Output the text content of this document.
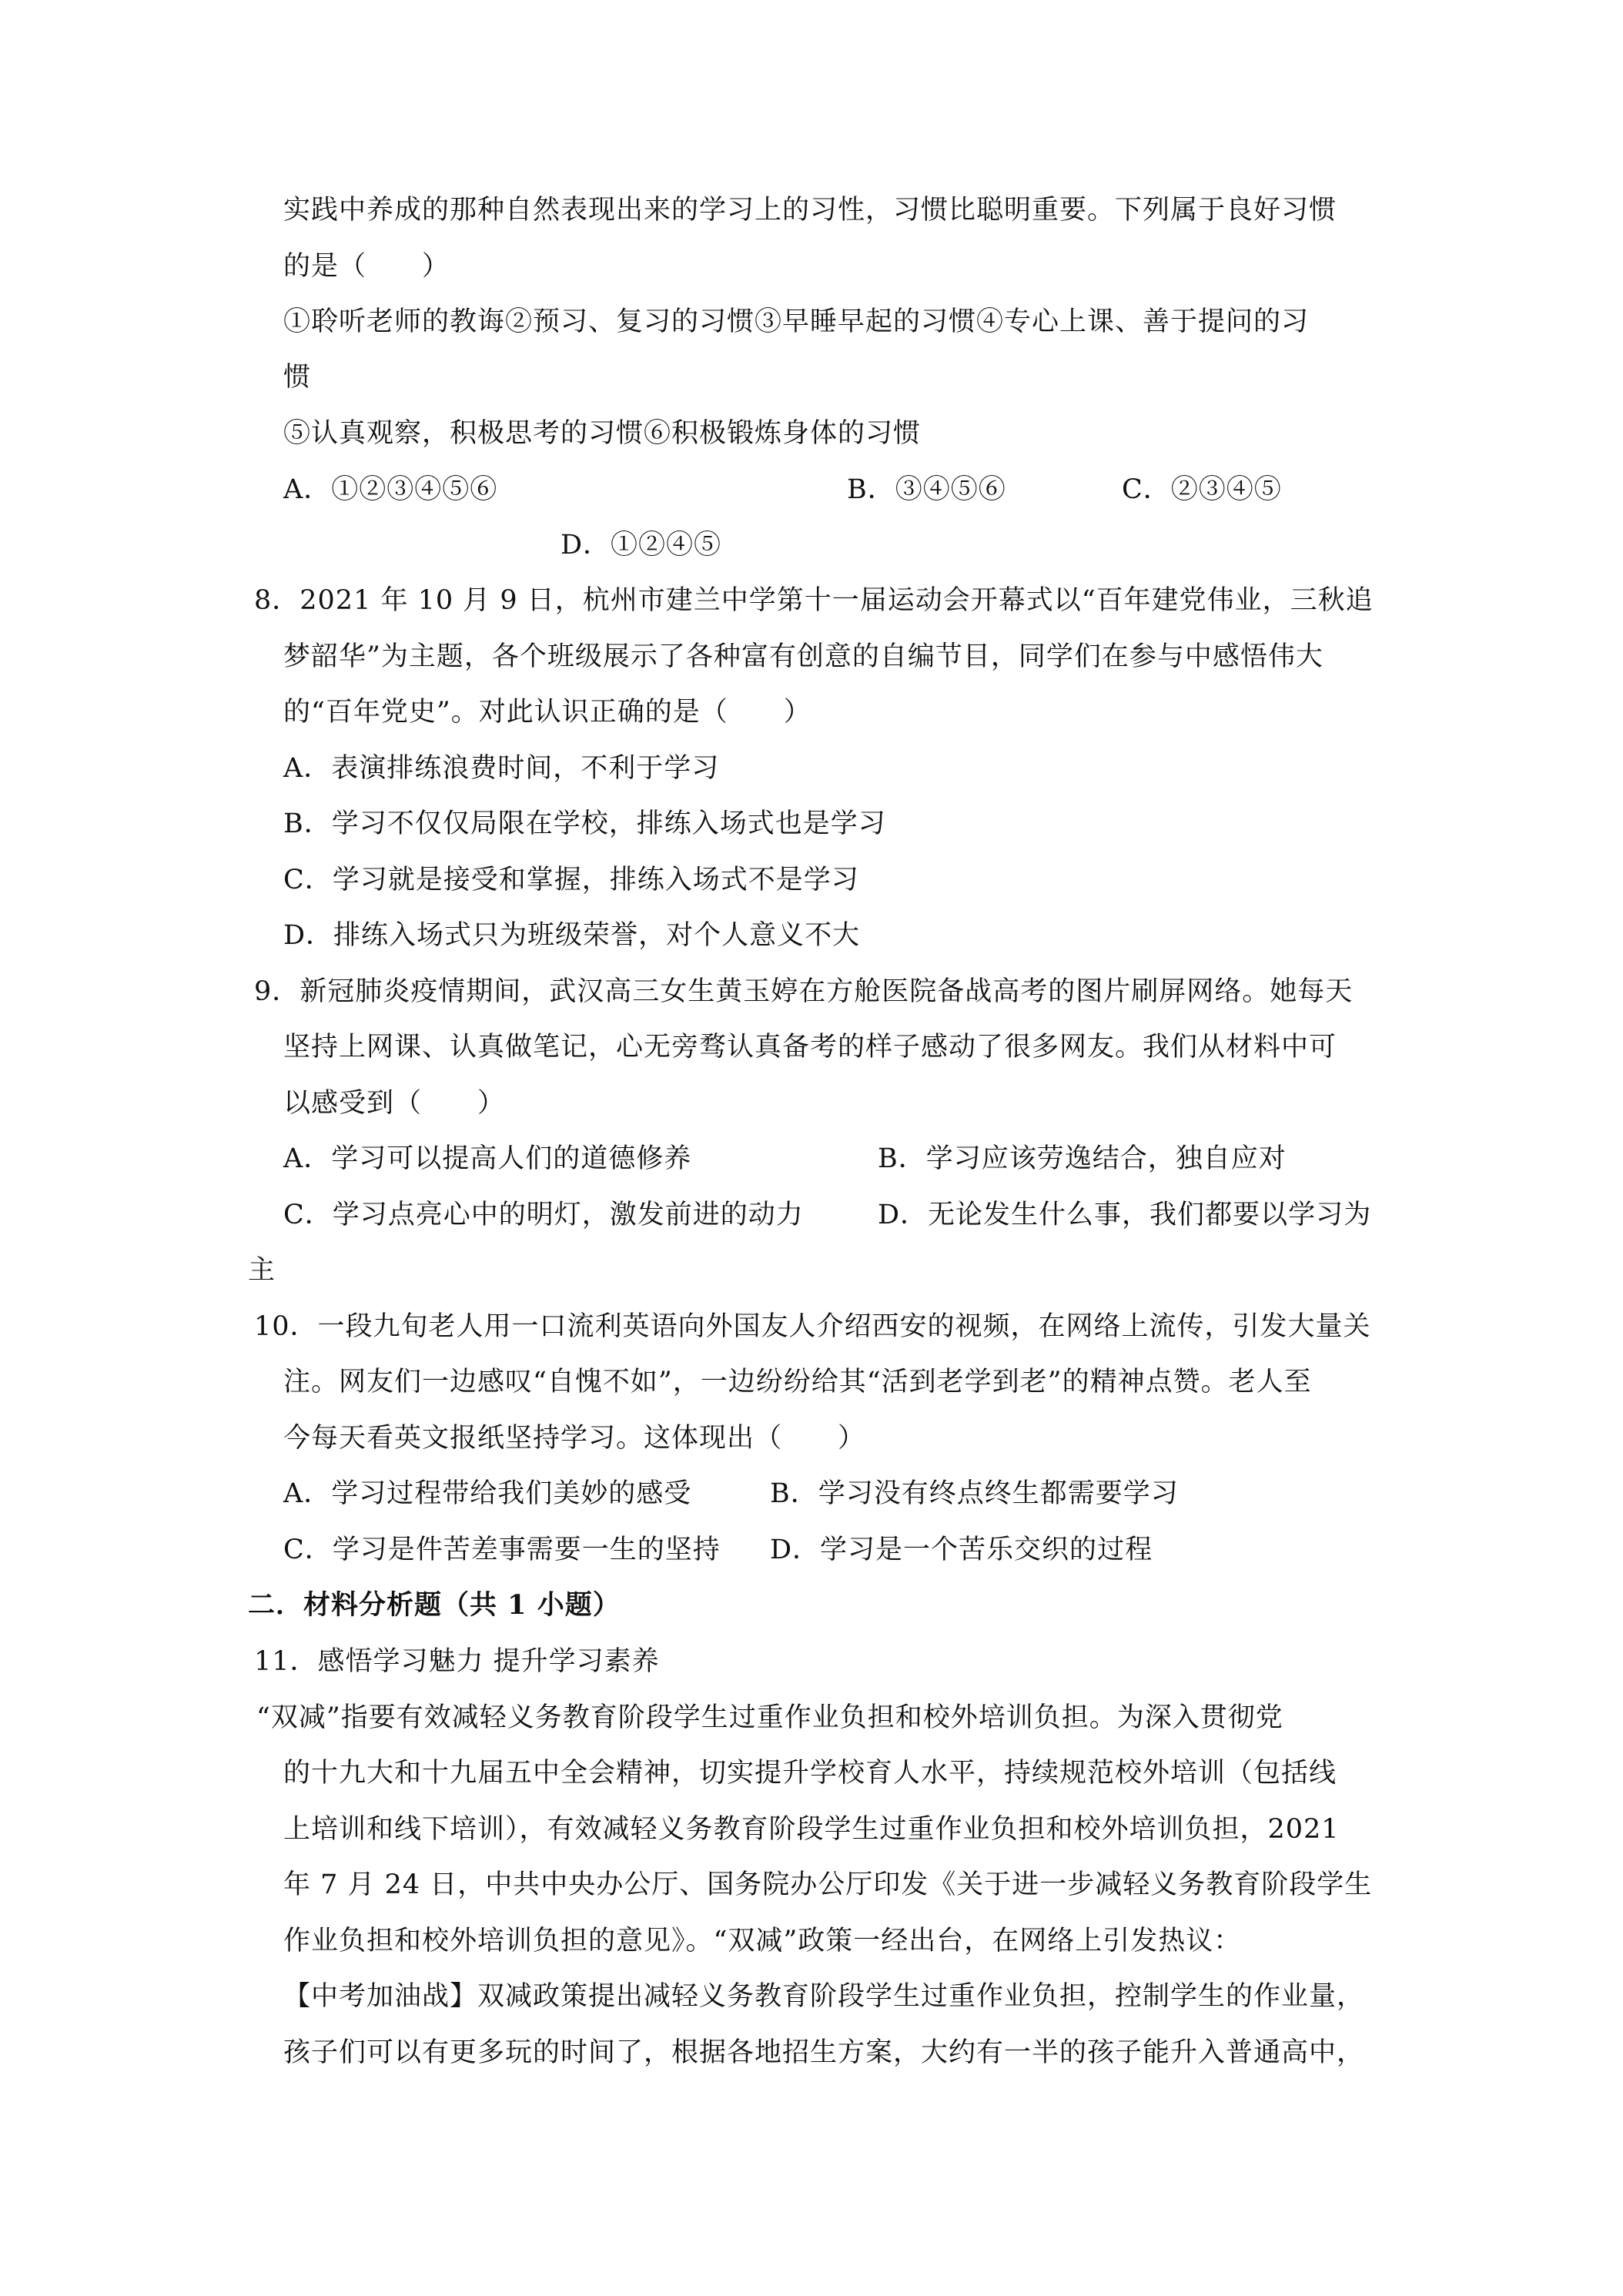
实践中养成的那种自然表现出来的学习上的习性，习惯比聪明重要。下列属于良好习惯
的是（　　）
①聆听老师的教诲②预习、复习的习惯③早睡早起的习惯④专心上课、善于提问的习
惯
⑤认真观察，积极思考的习惯⑥积极锻炼身体的习惯
A．①②③④⑤⑥	B．③④⑤⑥	C．②③④⑤
D．①②④⑤
8．2021 年 10 月 9 日，杭州市建兰中学第十一届运动会开幕式以“百年建党伟业，三秋追
梦韶华”为主题，各个班级展示了各种富有创意的自编节目，同学们在参与中感悟伟大
的“百年党史”。对此认识正确的是（　　）
A．表演排练浪费时间，不利于学习
B．学习不仅仅局限在学校，排练入场式也是学习
C．学习就是接受和掌握，排练入场式不是学习
D．排练入场式只为班级荣誉，对个人意义不大
9．新冠肺炎疫情期间，武汉高三女生黄玉婷在方舱医院备战高考的图片刷屏网络。她每天
坚持上网课、认真做笔记，心无旁骛认真备考的样子感动了很多网友。我们从材料中可
以感受到（　　）
A．学习可以提高人们的道德修养	B．学习应该劳逸结合，独自应对
C．学习点亮心中的明灯，激发前进的动力	D．无论发生什么事，我们都要以学习为
主
10．一段九旬老人用一口流利英语向外国友人介绍西安的视频，在网络上流传，引发大量关
注。网友们一边感叹“自愧不如”，一边纷纷给其“活到老学到老”的精神点赞。老人至
今每天看英文报纸坚持学习。这体现出（　　）
A．学习过程带给我们美妙的感受	B．学习没有终点终生都需要学习
C．学习是件苦差事需要一生的坚持 D．学习是一个苦乐交织的过程
二．材料分析题（共 1 小题）
11．感悟学习魅力 提升学习素养
“双减”指要有效减轻义务教育阶段学生过重作业负担和校外培训负担。为深入贯彻党
的十九大和十九届五中全会精神，切实提升学校育人水平，持续规范校外培训（包括线
上培训和线下培训），有效减轻义务教育阶段学生过重作业负担和校外培训负担，2021
年 7 月 24 日，中共中央办公厅、国务院办公厅印发《关于进一步减轻义务教育阶段学生
作业负担和校外培训负担的意见》。“双减”政策一经出台，在网络上引发热议：
【中考加油战】双减政策提出减轻义务教育阶段学生过重作业负担，控制学生的作业量，
孩子们可以有更多玩的时间了，根据各地招生方案，大约有一半的孩子能升入普通高中，
